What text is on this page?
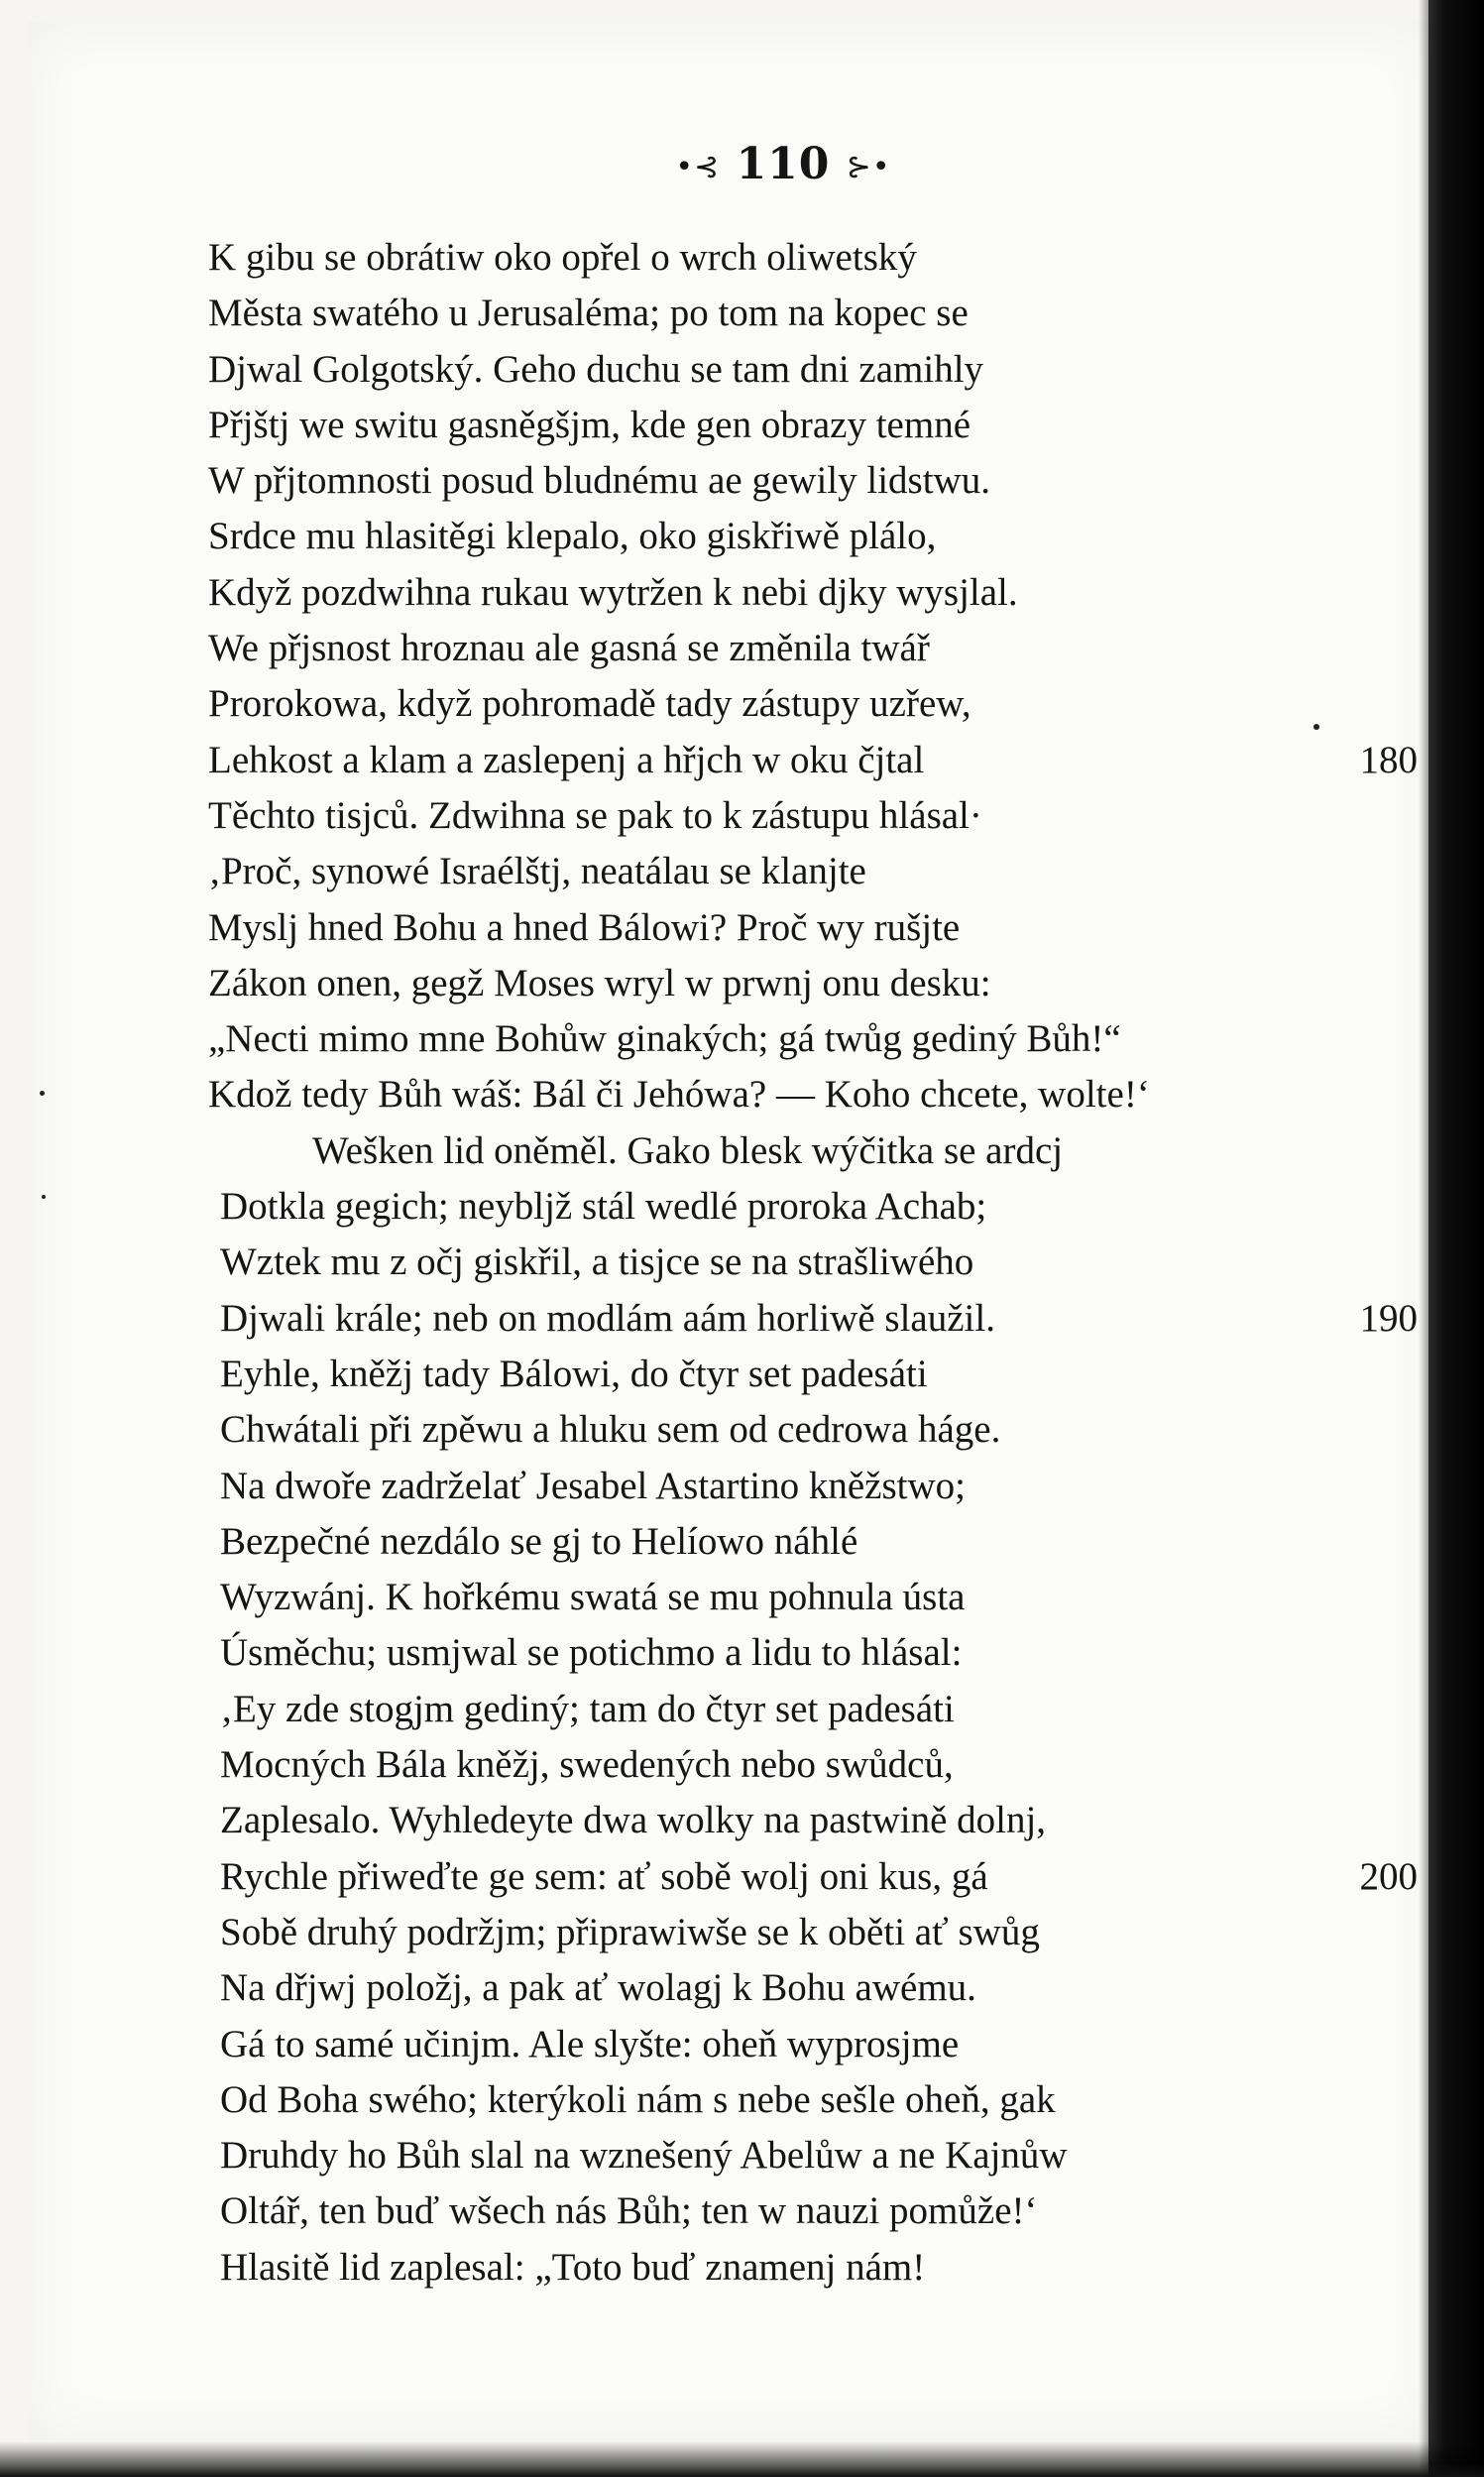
•⊰ 110 ⊱•
K gibu se obrátiw oko opřel o wrch oliwetský
Města swatého u Jerusaléma; po tom na kopec se
Djwal Golgotský. Geho duchu se tam dni zamihly
Přjštj we switu gasněgšjm, kde gen obrazy temné
W přjtomnosti posud bludnému ae gewily lidstwu.
Srdce mu hlasitěgi klepalo, oko giskřiwě plálo,
Když pozdwihna rukau wytržen k nebi djky wysjlal.
We přjsnost hroznau ale gasná se změnila twář
Prorokowa, když pohromadě tady zástupy uzřew,
Lehkost a klam a zaslepenj a hřjch w oku čjtal	180
Těchto tisjců. Zdwihna se pak to k zástupu hlásal·
‚Proč, synowé Israélštj, neatálau se klanjte
Myslj hned Bohu a hned Bálowi? Proč wy rušjte
Zákon onen, gegž Moses wryl w prwnj onu desku:
„Necti mimo mne Bohůw ginakých; gá twůg gediný Bůh!“
Kdož tedy Bůh wáš: Bál či Jehówa? — Koho chcete, wolte!‘
Weškеn lid oněměl. Gako blesk wýčitka se ardcj
Dotkla gegich; neybljž stál wedlé proroka Achab;
Wztek mu z očj giskřil, a tisjce se na strašliwého
Djwali krále; neb on modlám aám horliwě slaužil.	190
Eyhle, kněžj tady Bálowi, do čtyr set padesáti
Chwátali při zpěwu a hluku sem od cedrowa háge.
Na dwoře zadrželať Jesabel Astartino kněžstwo;
Bezpečné nezdálo se gj to Helíowo náhlé
Wyzwánj. K hořkému swatá se mu pohnula ústa
Úsměchu; usmjwal se potichmo a lidu to hlásal:
‚Ey zde stogjm gediný; tam do čtyr set padesáti
Mocných Bála kněžj, swedených nebo swůdců,
Zaplesalo. Wyhledeyte dwa wolky na pastwině dolnj,
Rychle přiweďte ge sem: ať sobě wolj oni kus, gá	200
Sobě druhý podržjm; připrawiwše se k oběti ať swůg
Na dřjwj položj, a pak ať wolagj k Bohu awému.
Gá to samé učinjm. Ale slyšte: oheň wyprosjme
Od Boha swého; kterýkoli nám s nebe sešle oheň, gak
Druhdy ho Bůh slal na wznešený Abelůw a ne Kajnůw
Oltář, ten buď wšech nás Bůh; ten w nauzi pomůže!‘
Hlasitě lid zaplesal: „Toto buď znamenj nám!
